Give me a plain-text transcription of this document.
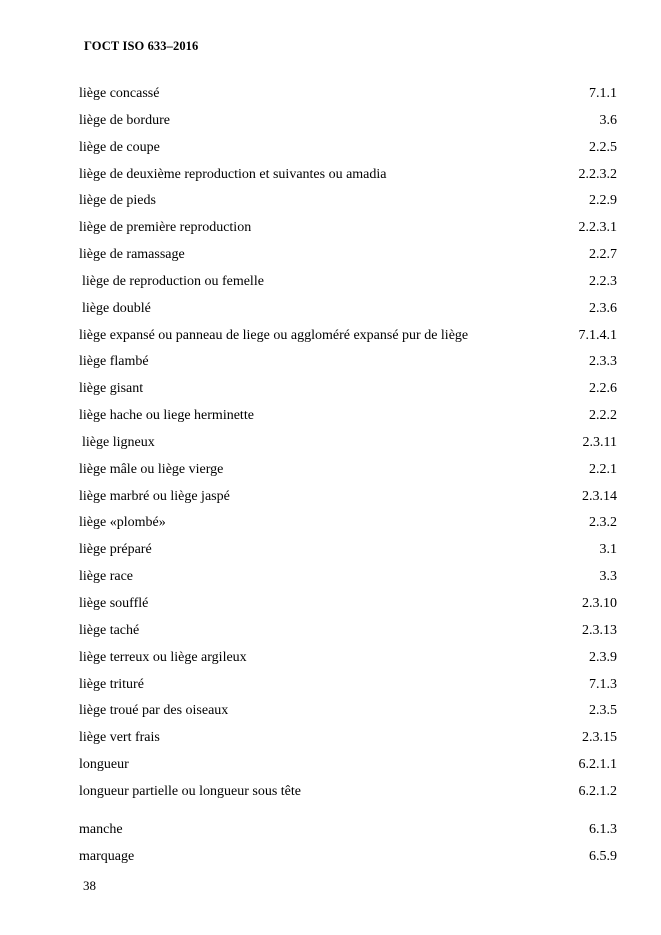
ГОСТ ISO 633–2016
liège concassé	7.1.1
liège de bordure	3.6
liège de coupe	2.2.5
liège de deuxième reproduction et suivantes ou amadia	2.2.3.2
liège de pieds	2.2.9
liège de première reproduction	2.2.3.1
liège de ramassage	2.2.7
liège de reproduction ou femelle	2.2.3
liège doublé	2.3.6
liège expansé ou panneau de liege ou aggloméré expansé pur de liège	7.1.4.1
liège flambé	2.3.3
liège gisant	2.2.6
liège hache ou liege herminette	2.2.2
liège ligneux	2.3.11
liège mâle ou liège vierge	2.2.1
liège marbré ou liège jaspé	2.3.14
liège «plombé»	2.3.2
liège préparé	3.1
liège race	3.3
liège soufflé	2.3.10
liège taché	2.3.13
liège terreux ou liège argileux	2.3.9
liège trituré	7.1.3
liège troué par des oiseaux	2.3.5
liège vert frais	2.3.15
longueur	6.2.1.1
longueur partielle ou longueur sous tête	6.2.1.2
manche	6.1.3
marquage	6.5.9
38
